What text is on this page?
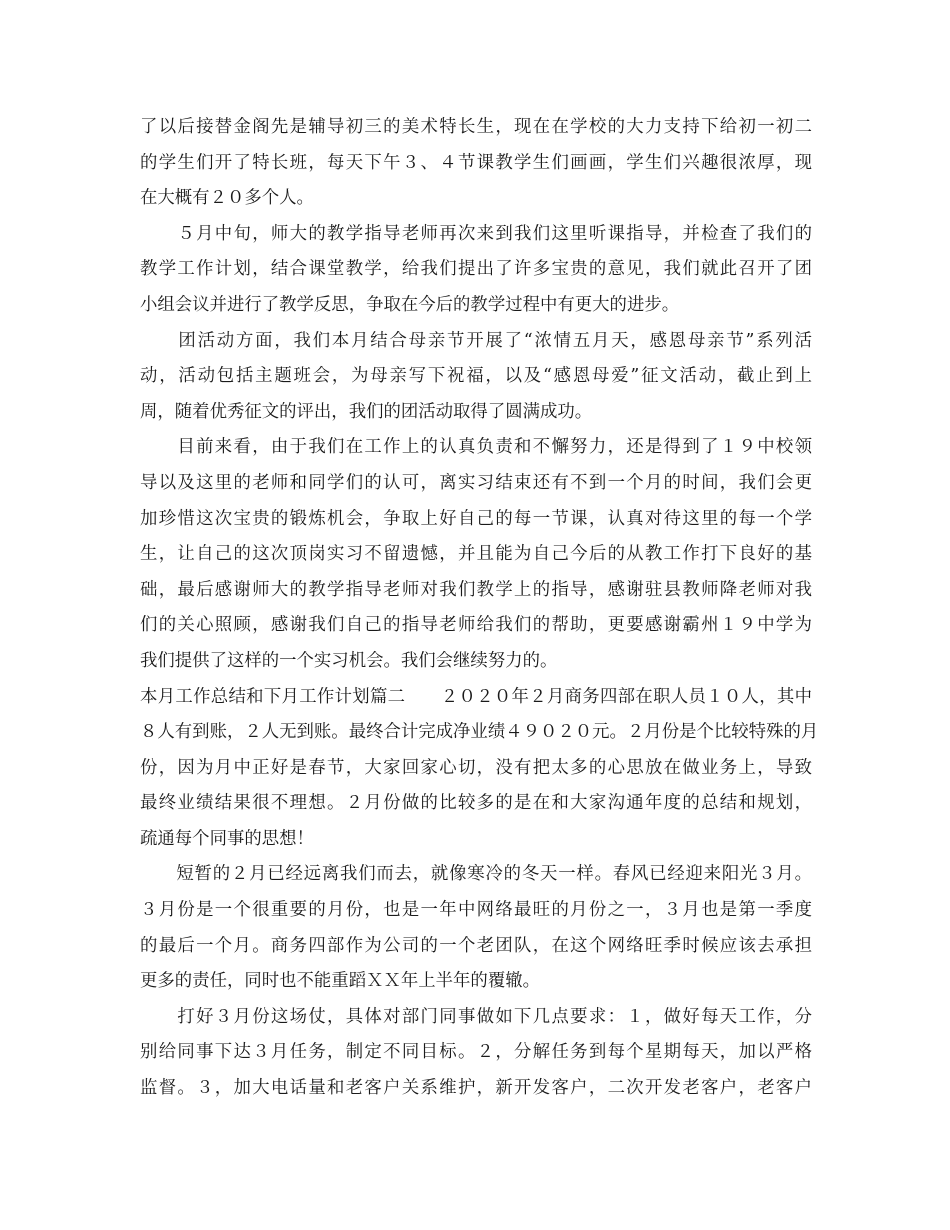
了以后接替金阁先是辅导初三的美术特长生，现在在学校的大力支持下给初一初二
的学生们开了特长班，每天下午３、４节课教学生们画画，学生们兴趣很浓厚，现
在大概有２０多个人。
　　５月中旬，师大的教学指导老师再次来到我们这里听课指导，并检查了我们的
教学工作计划，结合课堂教学，给我们提出了许多宝贵的意见，我们就此召开了团
小组会议并进行了教学反思，争取在今后的教学过程中有更大的进步。
　　团活动方面，我们本月结合母亲节开展了“浓情五月天，感恩母亲节”系列活
动，活动包括主题班会，为母亲写下祝福，以及“感恩母爱”征文活动，截止到上
周，随着优秀征文的评出，我们的团活动取得了圆满成功。
　　目前来看，由于我们在工作上的认真负责和不懈努力，还是得到了１９中校领
导以及这里的老师和同学们的认可，离实习结束还有不到一个月的时间，我们会更
加珍惜这次宝贵的锻炼机会，争取上好自己的每一节课，认真对待这里的每一个学
生，让自己的这次顶岗实习不留遗憾，并且能为自己今后的从教工作打下良好的基
础，最后感谢师大的教学指导老师对我们教学上的指导，感谢驻县教师降老师对我
们的关心照顾，感谢我们自己的指导老师给我们的帮助，更要感谢霸州１９中学为
我们提供了这样的一个实习机会。我们会继续努力的。
本月工作总结和下月工作计划篇二　　２０２０年２月商务四部在职人员１０人，其中
８人有到账，２人无到账。最终合计完成净业绩４９０２０元。２月份是个比较特殊的月
份，因为月中正好是春节，大家回家心切，没有把太多的心思放在做业务上，导致
最终业绩结果很不理想。２月份做的比较多的是在和大家沟通年度的总结和规划，
疏通每个同事的思想！
　　短暂的２月已经远离我们而去，就像寒冷的冬天一样。春风已经迎来阳光３月。
３月份是一个很重要的月份，也是一年中网络最旺的月份之一，３月也是第一季度
的最后一个月。商务四部作为公司的一个老团队，在这个网络旺季时候应该去承担
更多的责任，同时也不能重蹈ＸＸ年上半年的覆辙。
　　打好３月份这场仗，具体对部门同事做如下几点要求：１，做好每天工作，分
别给同事下达３月任务，制定不同目标。２，分解任务到每个星期每天，加以严格
监督。３，加大电话量和老客户关系维护，新开发客户，二次开发老客户，老客户
